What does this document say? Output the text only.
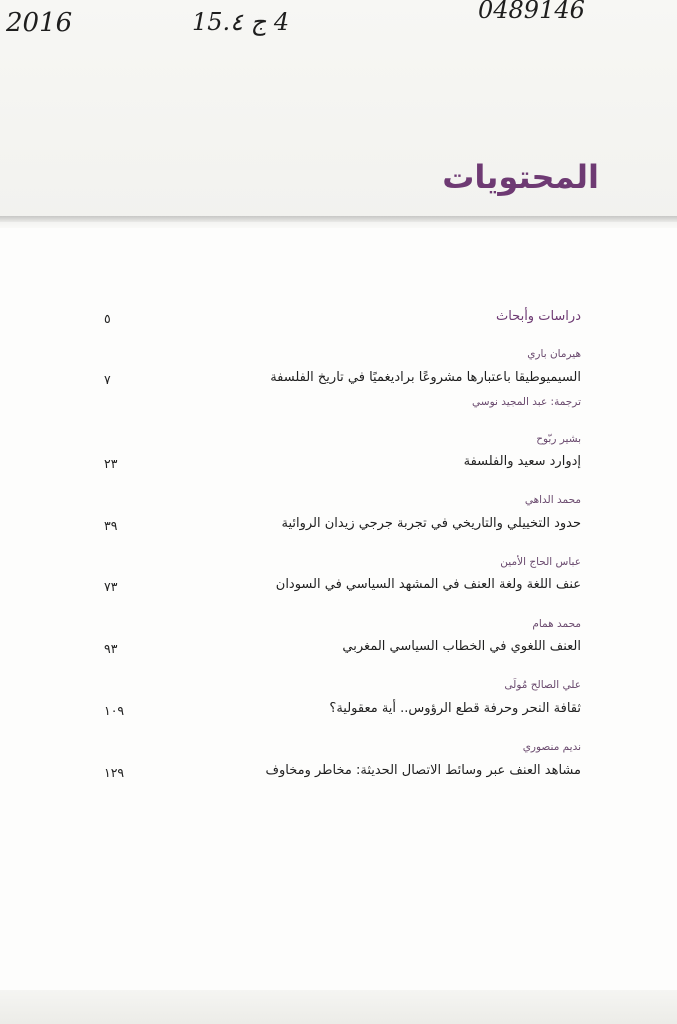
2016	4 ج 15.٤	0489146
المحتويات
دراسات وأبحاث
٥
هيرمان باري
السيميوطيقا باعتبارها مشروعًا براديغميًا في تاريخ الفلسفة
٧
ترجمة: عبد المجيد نوسي
بشير ربّوح
إدوارد سعيد والفلسفة
٢٣
محمد الداهي
حدود التخييلي والتاريخي في تجربة جرجي زيدان الروائية
٣٩
عباس الحاج الأمين
عنف اللغة ولغة العنف في المشهد السياسي في السودان
٧٣
محمد همام
العنف اللغوي في الخطاب السياسي المغربي
٩٣
علي الصالح مُولَى
ثقافة النحر وحرفة قطع الرؤوس.. أية معقولية؟
١٠٩
نديم منصوري
مشاهد العنف عبر وسائط الاتصال الحديثة: مخاطر ومخاوف
١٢٩
